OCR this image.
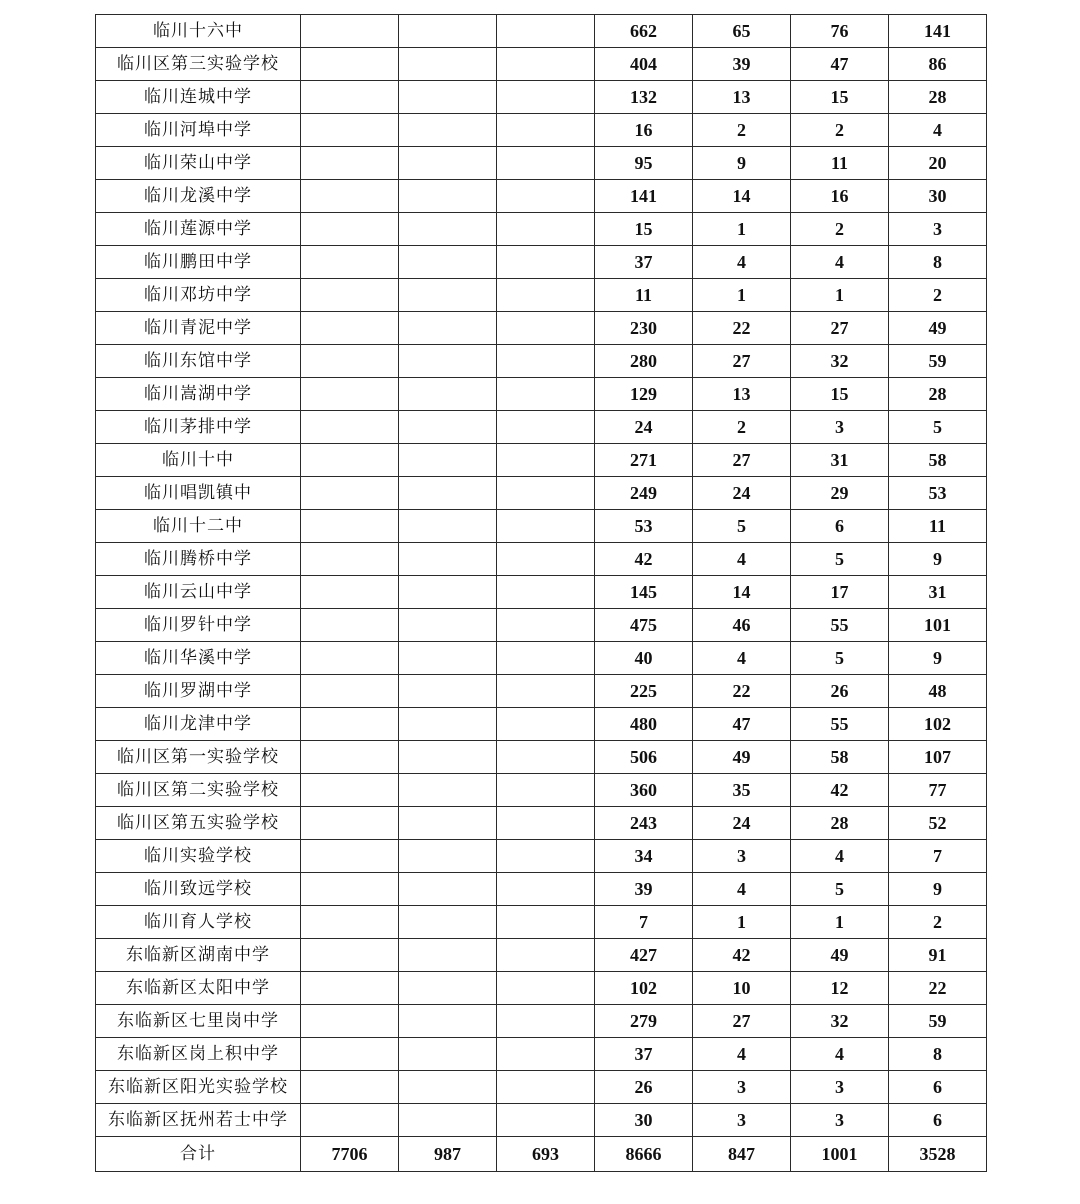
临川十六中				662	65	76	141
临川区第三实验学校				404	39	47	86
临川连城中学				132	13	15	28
临川河埠中学				16	2	2	4
临川荣山中学				95	9	11	20
临川龙溪中学				141	14	16	30
临川莲源中学				15	1	2	3
临川鹏田中学				37	4	4	8
临川邓坊中学				11	1	1	2
临川青泥中学				230	22	27	49
临川东馆中学				280	27	32	59
临川嵩湖中学				129	13	15	28
临川茅排中学				24	2	3	5
临川十中				271	27	31	58
临川唱凯镇中				249	24	29	53
临川十二中				53	5	6	11
临川腾桥中学				42	4	5	9
临川云山中学				145	14	17	31
临川罗针中学				475	46	55	101
临川华溪中学				40	4	5	9
临川罗湖中学				225	22	26	48
临川龙津中学				480	47	55	102
临川区第一实验学校				506	49	58	107
临川区第二实验学校				360	35	42	77
临川区第五实验学校				243	24	28	52
临川实验学校				34	3	4	7
临川致远学校				39	4	5	9
临川育人学校				7	1	1	2
东临新区湖南中学				427	42	49	91
东临新区太阳中学				102	10	12	22
东临新区七里岗中学				279	27	32	59
东临新区岗上积中学				37	4	4	8
东临新区阳光实验学校				26	3	3	6
东临新区抚州若士中学				30	3	3	6
合计	7706	987	693	8666	847	1001	3528
